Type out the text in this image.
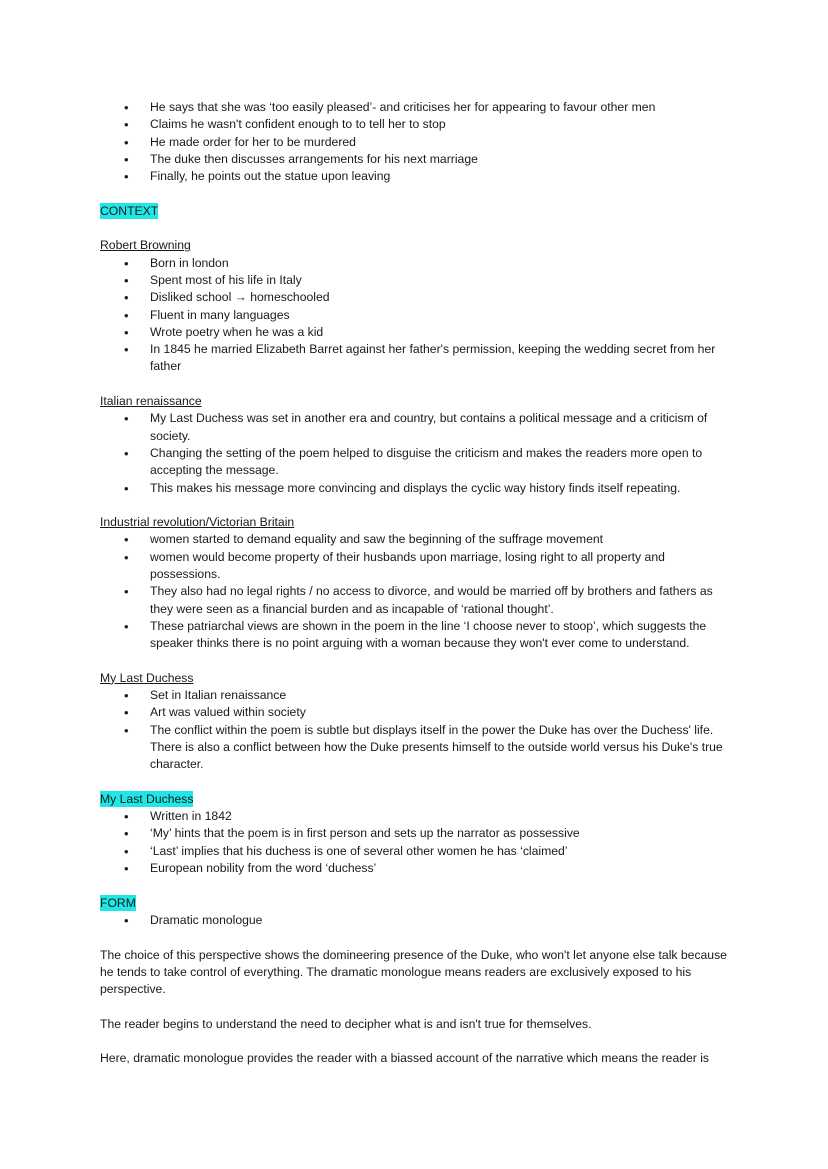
• He says that she was ‘too easily pleased’- and criticises her for appearing to favour other men
• Claims he wasn't confident enough to to tell her to stop
• He made order for her to be murdered
• The duke then discusses arrangements for his next marriage
• Finally, he points out the statue upon leaving
CONTEXT
Robert Browning
• Born in london
• Spent most of his life in Italy
• Disliked school → homeschooled
• Fluent in many languages
• Wrote poetry when he was a kid
• In 1845 he married Elizabeth Barret against her father's permission, keeping the wedding secret from her father
Italian renaissance
• My Last Duchess was set in another era and country, but contains a political message and a criticism of society.
• Changing the setting of the poem helped to disguise the criticism and makes the readers more open to accepting the message.
• This makes his message more convincing and displays the cyclic way history finds itself repeating.
Industrial revolution/Victorian Britain
• women started to demand equality and saw the beginning of the suffrage movement
• women would become property of their husbands upon marriage, losing right to all property and possessions.
• They also had no legal rights / no access to divorce, and would be married off by brothers and fathers as they were seen as a financial burden and as incapable of ‘rational thought’.
• These patriarchal views are shown in the poem in the line ‘I choose never to stoop’, which suggests the speaker thinks there is no point arguing with a woman because they won't ever come to understand.
My Last Duchess
• Set in Italian renaissance
• Art was valued within society
• The conflict within the poem is subtle but displays itself in the power the Duke has over the Duchess' life. There is also a conflict between how the Duke presents himself to the outside world versus his Duke's true character.
My Last Duchess
• Written in 1842
• ‘My’ hints that the poem is in first person and sets up the narrator as possessive
• ‘Last’ implies that his duchess is one of several other women he has ‘claimed’
• European nobility from the word ‘duchess’
FORM
• Dramatic monologue

The choice of this perspective shows the domineering presence of the Duke, who won't let anyone else talk because he tends to take control of everything. The dramatic monologue means readers are exclusively exposed to his perspective.

The reader begins to understand the need to decipher what is and isn't true for themselves.

Here, dramatic monologue provides the reader with a biassed account of the narrative which means the reader is
